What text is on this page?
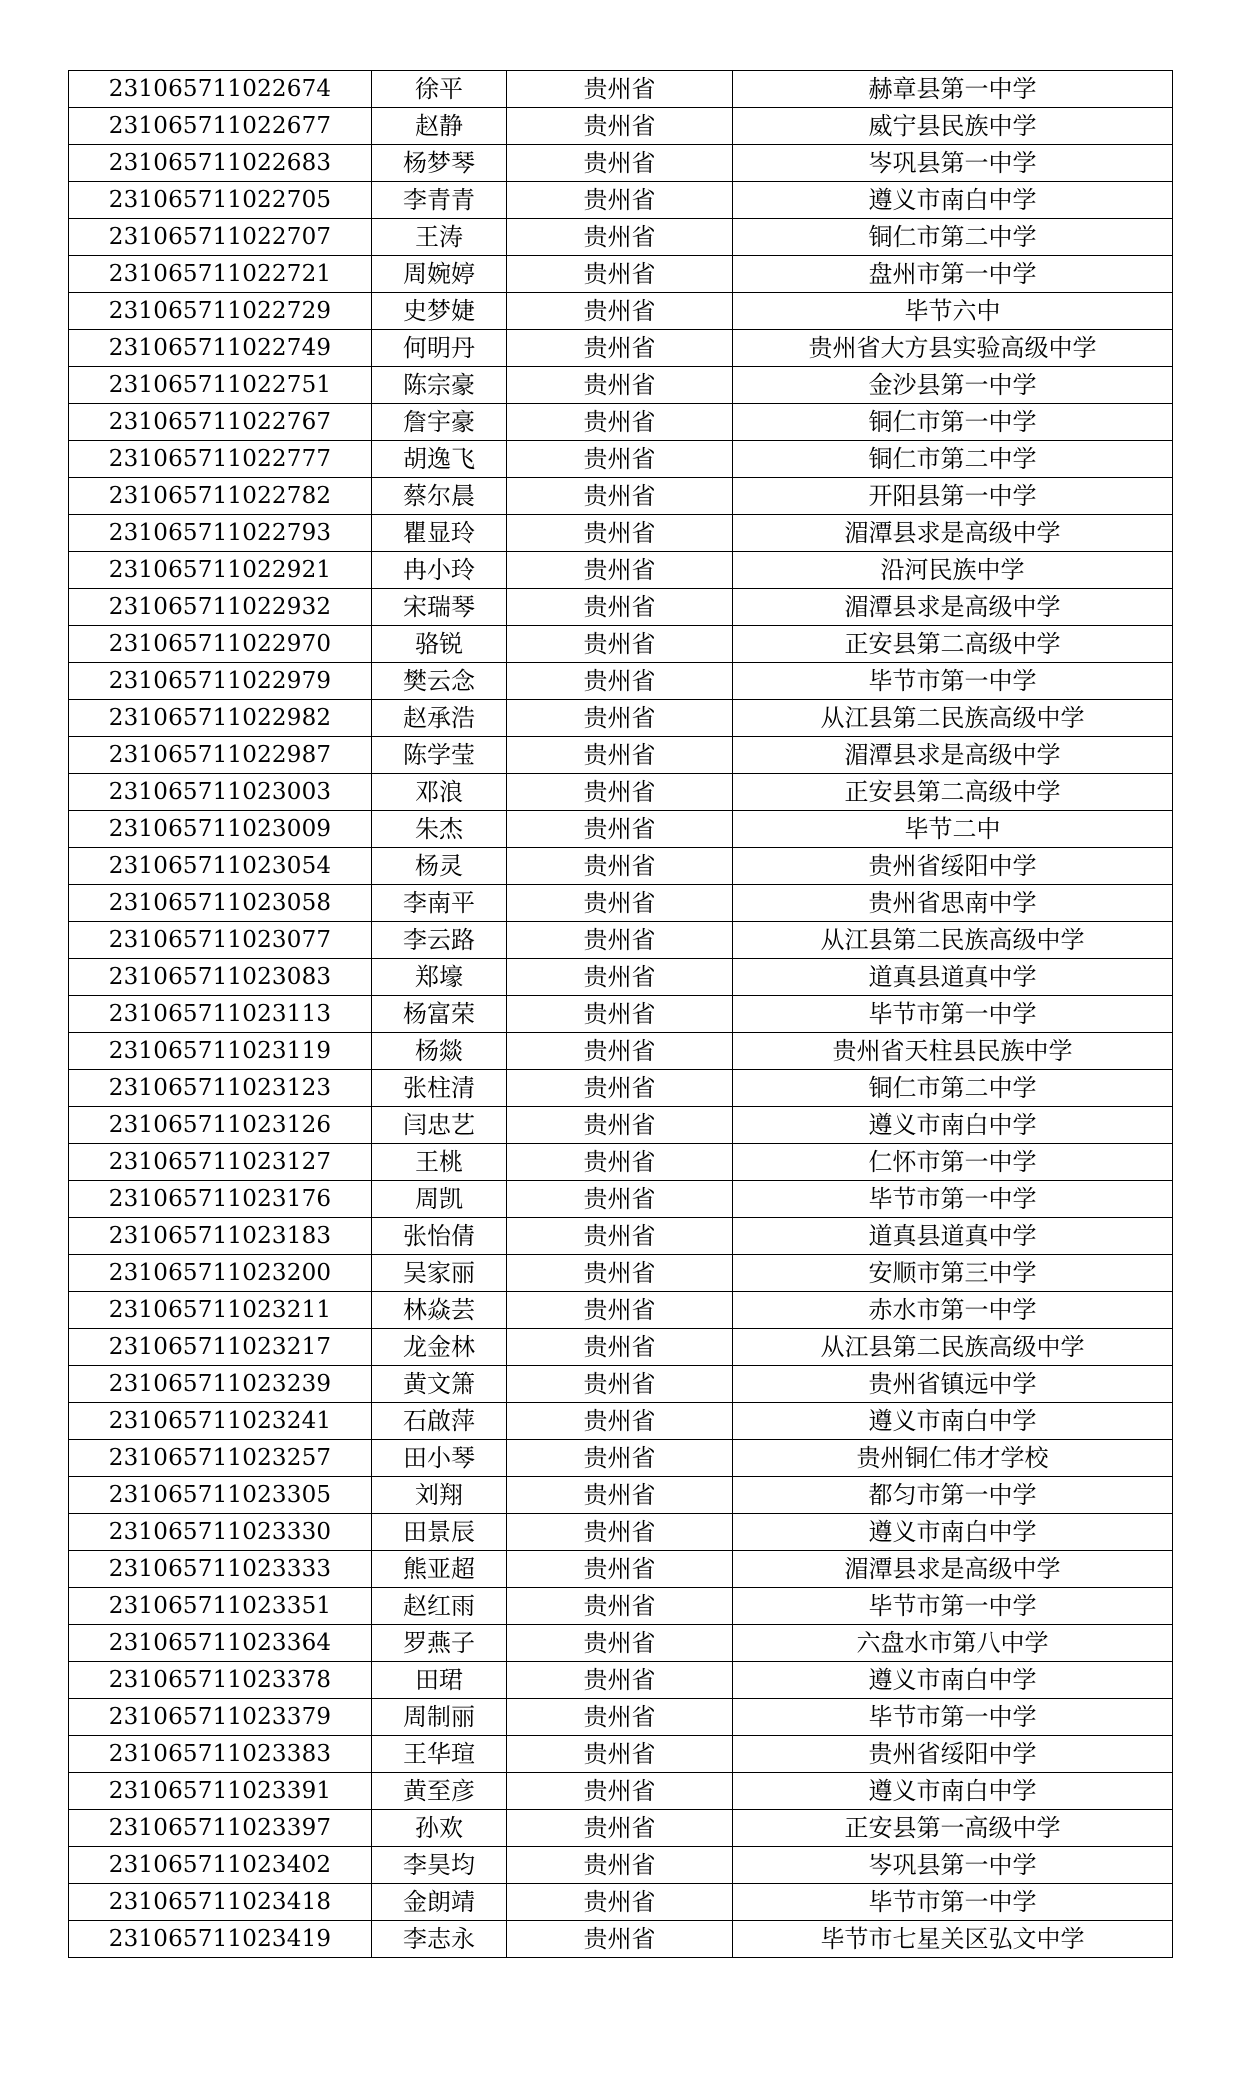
231065711022674	徐平	贵州省	赫章县第一中学
231065711022677	赵静	贵州省	威宁县民族中学
231065711022683	杨梦琴	贵州省	岑巩县第一中学
231065711022705	李青青	贵州省	遵义市南白中学
231065711022707	王涛	贵州省	铜仁市第二中学
231065711022721	周婉婷	贵州省	盘州市第一中学
231065711022729	史梦婕	贵州省	毕节六中
231065711022749	何明丹	贵州省	贵州省大方县实验高级中学
231065711022751	陈宗豪	贵州省	金沙县第一中学
231065711022767	詹宇豪	贵州省	铜仁市第一中学
231065711022777	胡逸飞	贵州省	铜仁市第二中学
231065711022782	蔡尔晨	贵州省	开阳县第一中学
231065711022793	瞿显玲	贵州省	湄潭县求是高级中学
231065711022921	冉小玲	贵州省	沿河民族中学
231065711022932	宋瑞琴	贵州省	湄潭县求是高级中学
231065711022970	骆锐	贵州省	正安县第二高级中学
231065711022979	樊云念	贵州省	毕节市第一中学
231065711022982	赵承浩	贵州省	从江县第二民族高级中学
231065711022987	陈学莹	贵州省	湄潭县求是高级中学
231065711023003	邓浪	贵州省	正安县第二高级中学
231065711023009	朱杰	贵州省	毕节二中
231065711023054	杨灵	贵州省	贵州省绥阳中学
231065711023058	李南平	贵州省	贵州省思南中学
231065711023077	李云路	贵州省	从江县第二民族高级中学
231065711023083	郑壕	贵州省	道真县道真中学
231065711023113	杨富荣	贵州省	毕节市第一中学
231065711023119	杨燚	贵州省	贵州省天柱县民族中学
231065711023123	张柱清	贵州省	铜仁市第二中学
231065711023126	闫忠艺	贵州省	遵义市南白中学
231065711023127	王桃	贵州省	仁怀市第一中学
231065711023176	周凯	贵州省	毕节市第一中学
231065711023183	张怡倩	贵州省	道真县道真中学
231065711023200	吴家丽	贵州省	安顺市第三中学
231065711023211	林焱芸	贵州省	赤水市第一中学
231065711023217	龙金林	贵州省	从江县第二民族高级中学
231065711023239	黄文箫	贵州省	贵州省镇远中学
231065711023241	石啟萍	贵州省	遵义市南白中学
231065711023257	田小琴	贵州省	贵州铜仁伟才学校
231065711023305	刘翔	贵州省	都匀市第一中学
231065711023330	田景辰	贵州省	遵义市南白中学
231065711023333	熊亚超	贵州省	湄潭县求是高级中学
231065711023351	赵红雨	贵州省	毕节市第一中学
231065711023364	罗燕子	贵州省	六盘水市第八中学
231065711023378	田珺	贵州省	遵义市南白中学
231065711023379	周制丽	贵州省	毕节市第一中学
231065711023383	王华瑄	贵州省	贵州省绥阳中学
231065711023391	黄至彦	贵州省	遵义市南白中学
231065711023397	孙欢	贵州省	正安县第一高级中学
231065711023402	李昊均	贵州省	岑巩县第一中学
231065711023418	金朗靖	贵州省	毕节市第一中学
231065711023419	李志永	贵州省	毕节市七星关区弘文中学
